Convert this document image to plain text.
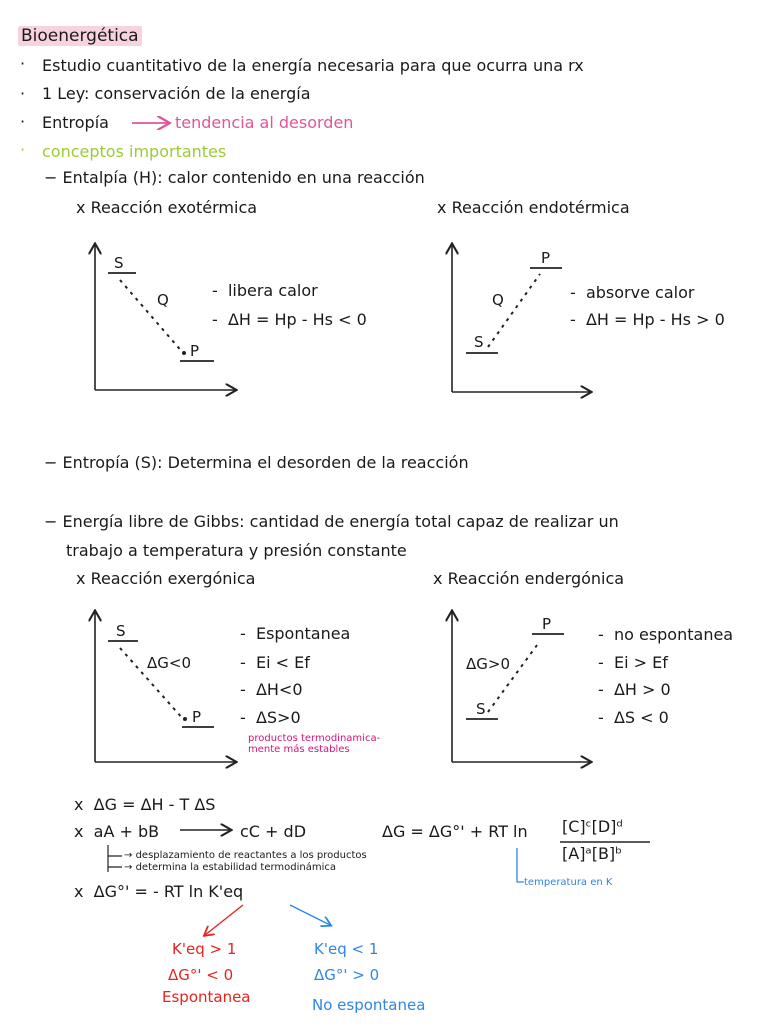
Bioenergética
· Estudio cuantitativo de la energía necesaria para que ocurra una rx
· 1 Ley: conservación de la energía
· Entropía	tendencia al desorden
· conceptos importantes
− Entalpía (H): calor contenido en una reacción
x Reacción exotérmica	x Reacción endotérmica
S
Q
P
-  libera calor
-  ΔH = Hp - Hs < 0
S
Q
P
-  absorve calor
-  ΔH = Hp - Hs > 0
− Entropía (S): Determina el desorden de la reacción
− Energía libre de Gibbs: cantidad de energía total capaz de realizar un
trabajo a temperatura y presión constante
x Reacción exergónica	x Reacción endergónica
S
ΔG<0
P
-  Espontanea
-  Ei < Ef
-  ΔH<0
-  ΔS>0
productos termodinamica-
mente más estables
S
ΔG>0
P
-  no espontanea
-  Ei > Ef
-  ΔH > 0
-  ΔS < 0
x  ΔG = ΔH - T ΔS
x  aA + bB	cC + dD	ΔG = ΔG°' + RT ln [C]ᶜ[D]ᵈ
[A]ᵃ[B]ᵇ
→ desplazamiento de reactantes a los productos
→ determina la estabilidad termodinámica
temperatura en K
x  ΔG°' = - RT ln K'eq
K'eq > 1
ΔG°' < 0
Espontanea
K'eq < 1
ΔG°' > 0
No espontanea
